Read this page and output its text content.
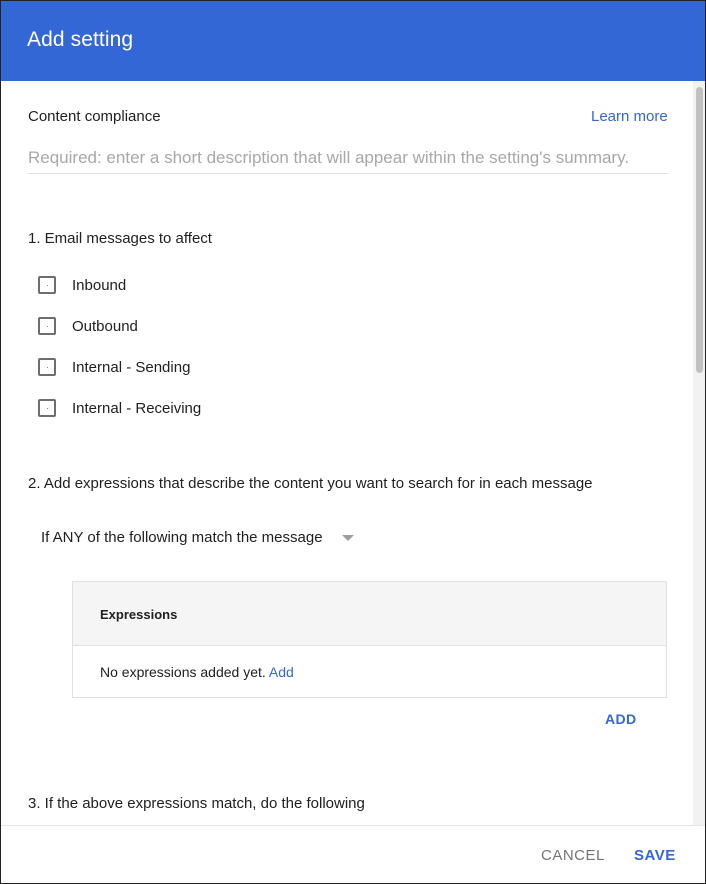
Add setting
Content compliance	Learn more
Required: enter a short description that will appear within the setting's summary.
1. Email messages to affect
Inbound
Outbound
Internal - Sending
Internal - Receiving
2. Add expressions that describe the content you want to search for in each message
If ANY of the following match the message
Expressions
No expressions added yet. Add
ADD
3. If the above expressions match, do the following
CANCEL SAVE
